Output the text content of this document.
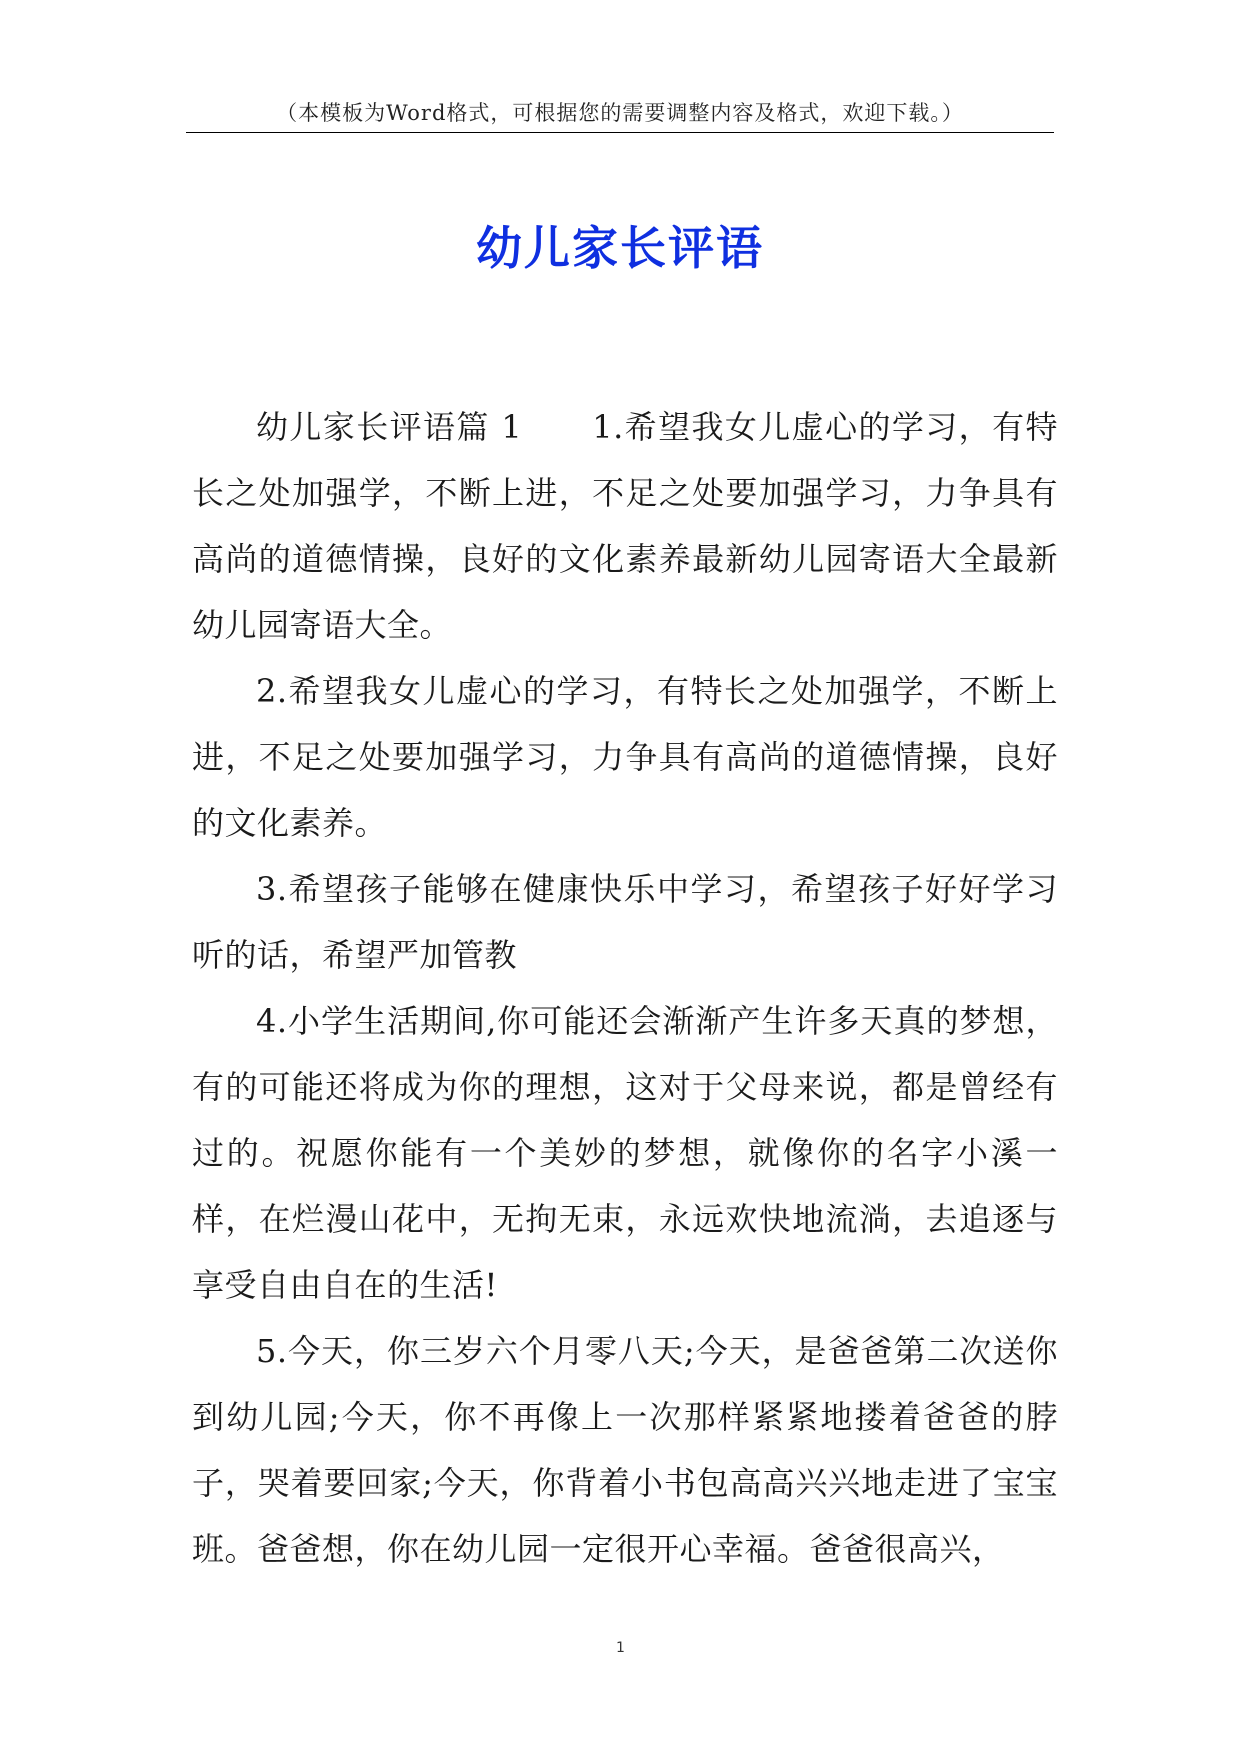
（本模板为Word格式，可根据您的需要调整内容及格式，欢迎下载。）
幼儿家长评语

幼儿家长评语篇 1 1.希望我女儿虚心的学习，有特长之处加强学，不断上进，不足之处要加强学习，力争具有高尚的道德情操，良好的文化素养最新幼儿园寄语大全最新幼儿园寄语大全。

2.希望我女儿虚心的学习，有特长之处加强学，不断上进，不足之处要加强学习，力争具有高尚的道德情操，良好的文化素养。

3.希望孩子能够在健康快乐中学习，希望孩子好好学习听的话，希望严加管教

4.小学生活期间,你可能还会渐渐产生许多天真的梦想，有的可能还将成为你的理想，这对于父母来说，都是曾经有过的。祝愿你能有一个美妙的梦想，就像你的名字小溪一样，在烂漫山花中，无拘无束，永远欢快地流淌，去追逐与享受自由自在的生活!

5.今天，你三岁六个月零八天;今天，是爸爸第二次送你到幼儿园;今天，你不再像上一次那样紧紧地搂着爸爸的脖子，哭着要回家;今天，你背着小书包高高兴兴地走进了宝宝班。爸爸想，你在幼儿园一定很开心幸福。爸爸很高兴，

1
